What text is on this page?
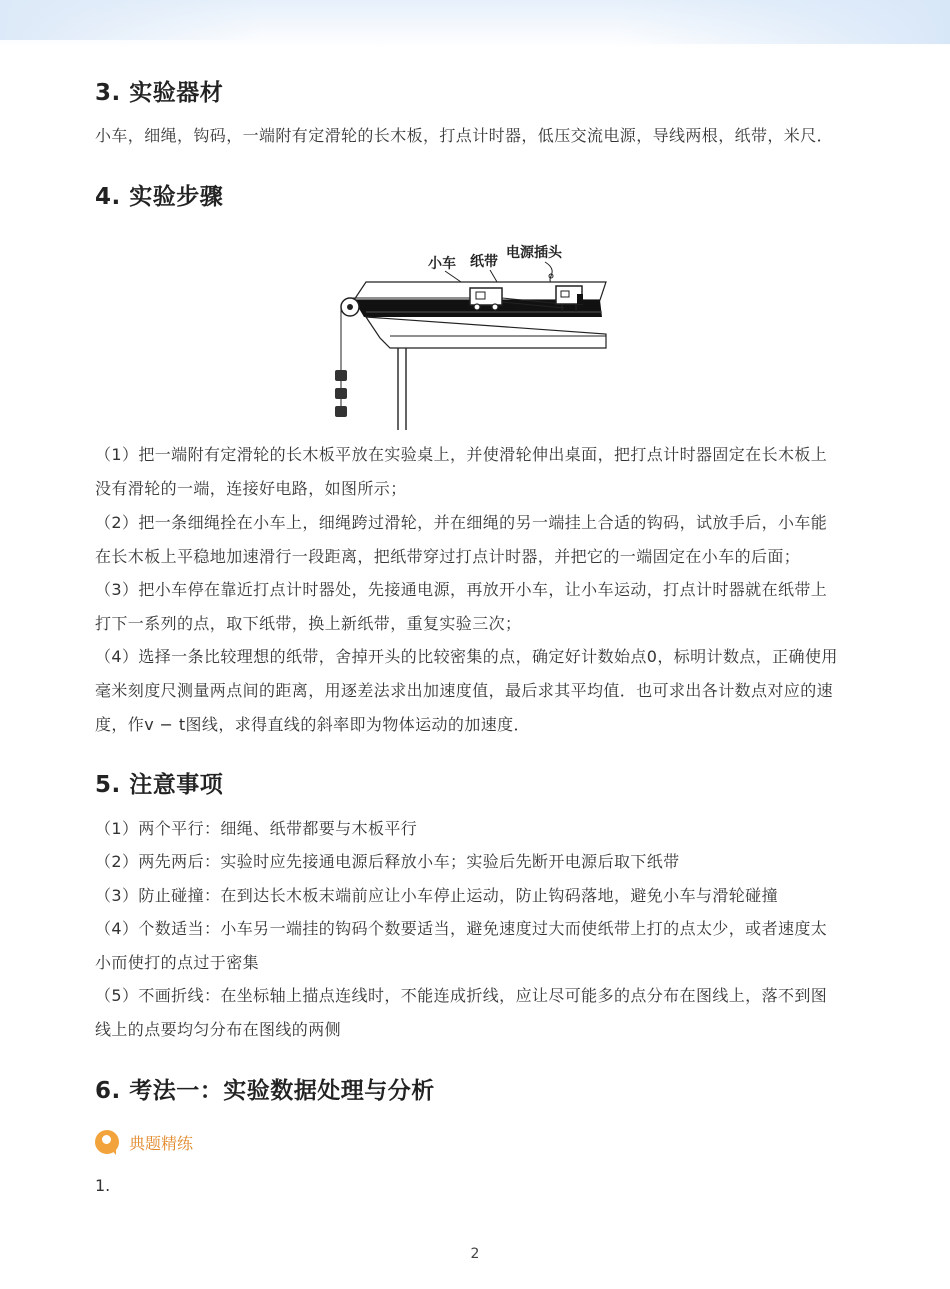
3. 实验器材
小车，细绳，钩码，一端附有定滑轮的长木板，打点计时器，低压交流电源，导线两根，纸带，米尺．
4. 实验步骤
小车 纸带
电源插头
（1）把一端附有定滑轮的长木板平放在实验桌上，并使滑轮伸出桌面，把打点计时器固定在长木板上
没有滑轮的一端，连接好电路，如图所示；
（2）把一条细绳拴在小车上，细绳跨过滑轮，并在细绳的另一端挂上合适的钩码，试放手后，小车能
在长木板上平稳地加速滑行一段距离，把纸带穿过打点计时器，并把它的一端固定在小车的后面；
（3）把小车停在靠近打点计时器处，先接通电源，再放开小车，让小车运动，打点计时器就在纸带上
打下一系列的点，取下纸带，换上新纸带，重复实验三次；
（4）选择一条比较理想的纸带，舍掉开头的比较密集的点，确定好计数始点0，标明计数点，正确使用
毫米刻度尺测量两点间的距离，用逐差法求出加速度值，最后求其平均值．也可求出各计数点对应的速
度，作v − t图线，求得直线的斜率即为物体运动的加速度．
5. 注意事项
（1）两个平行：细绳、纸带都要与木板平行
（2）两先两后：实验时应先接通电源后释放小车；实验后先断开电源后取下纸带
（3）防止碰撞：在到达长木板末端前应让小车停止运动，防止钩码落地，避免小车与滑轮碰撞
（4）个数适当：小车另一端挂的钩码个数要适当，避免速度过大而使纸带上打的点太少，或者速度太
小而使打的点过于密集
（5）不画折线：在坐标轴上描点连线时，不能连成折线，应让尽可能多的点分布在图线上，落不到图
线上的点要均匀分布在图线的两侧
6. 考法一：实验数据处理与分析
典题精练
1.
2
